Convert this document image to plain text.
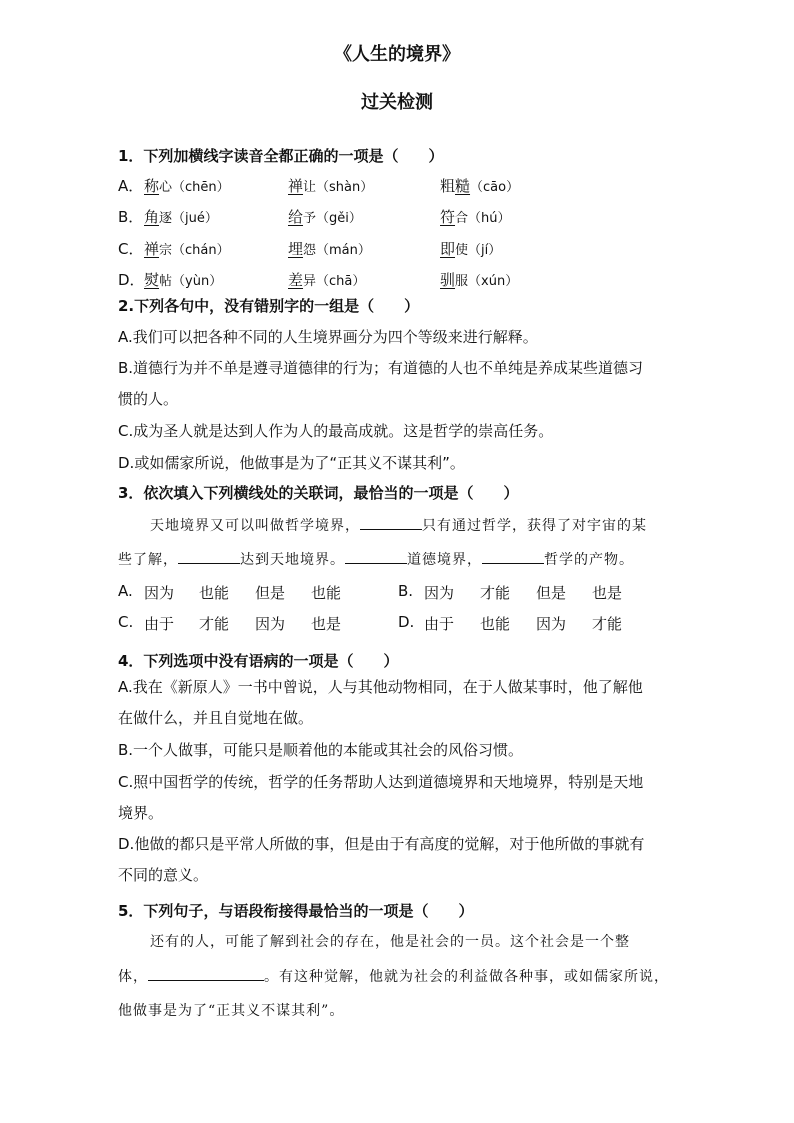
《人生的境界》
过关检测
1．下列加横线字读音全都正确的一项是（　　）
A． 称心（chēn）	禅让（shàn）	粗糙（cāo）
B． 角逐（jué）	给予（gěi）	符合（hú）
C． 禅宗（chán）	埋怨（mán）	即使（jí）
D． 熨帖（yùn）	差异（chā）	驯服（xún）
2.下列各句中，没有错别字的一组是（　　）
A.我们可以把各种不同的人生境界画分为四个等级来进行解释。
B.道德行为并不单是遵寻道德律的行为；有道德的人也不单纯是养成某些道德习
惯的人。
C.成为圣人就是达到人作为人的最高成就。这是哲学的崇高任务。
D.或如儒家所说，他做事是为了“正其义不谋其利”。
3．依次填入下列横线处的关联词，最恰当的一项是（　　）
天地境界又可以叫做哲学境界，	只有通过哲学，获得了对宇宙的某
些了解，	达到天地境界。	道德境界，	哲学的产物。
A. 因为 也能 但是 也能	B. 因为 才能 但是 也是
C. 由于 才能 因为 也是	D. 由于 也能 因为 才能
4．下列选项中没有语病的一项是（　　）
A.我在《新原人》一书中曾说，人与其他动物相同，在于人做某事时，他了解他
在做什么，并且自觉地在做。
B.一个人做事，可能只是顺着他的本能或其社会的风俗习惯。
C.照中国哲学的传统，哲学的任务帮助人达到道德境界和天地境界，特别是天地
境界。
D.他做的都只是平常人所做的事，但是由于有高度的觉解，对于他所做的事就有
不同的意义。
5．下列句子，与语段衔接得最恰当的一项是（　　）
还有的人，可能了解到社会的存在，他是社会的一员。这个社会是一个整
体，	。有这种觉解，他就为社会的利益做各种事，或如儒家所说，
他做事是为了“正其义不谋其利”。
